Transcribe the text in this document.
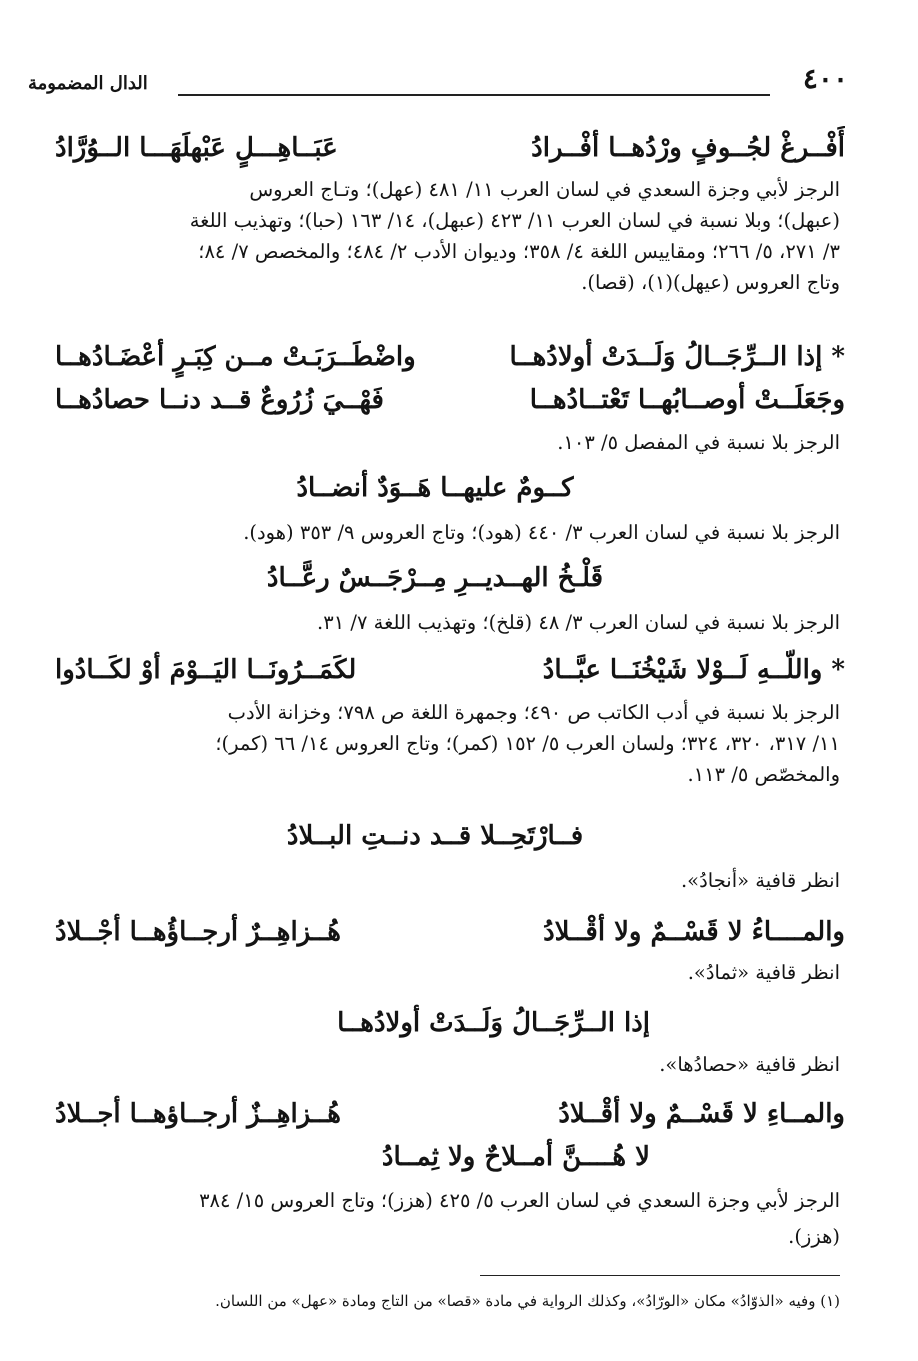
٤٠٠
الدال المضمومة
أَفْــرغْ لجُــوفٍ ورْدُهــا أفْــرادُ
عَبَــاهِـــلٍ عَبْهلَهَـــا الــوُرَّادُ

الرجز لأبي وجزة السعدي في لسان العرب ١١/ ٤٨١ (عهل)؛ وتـاج العروس

(عبهل)؛ وبلا نسبة في لسان العرب ١١/ ٤٢٣ (عبهل)، ١٤/ ١٦٣ (حبا)؛ وتهذيب اللغة

٣/ ٢٧١، ٥/ ٢٦٦؛ ومقاييس اللغة ٤/ ٣٥٨؛ وديوان الأدب ٢/ ٤٨٤؛ والمخصص ٧/ ٨٤؛

وتاج العروس (عيهل)(١)، (قصا).

* إذا الــرِّجَــالُ وَلَــدَتْ أولادُهــا
واضْطَــرَبَـتْ مــن كِبَـرٍ أعْضَـادُهــا
وجَعَلَــتْ أوصــابُهــا تَعْتــادُهــا
فَهْــيَ زُرُوعٌ قــد دنــا حصادُهــا

الرجز بلا نسبة في المفصل ٥/ ١٠٣.

كــومٌ عليهــا هَــوَدٌ أنضــادُ

الرجز بلا نسبة في لسان العرب ٣/ ٤٤٠ (هود)؛ وتاج العروس ٩/ ٣٥٣ (هود).

قَلْـخُ الهــديــرِ مِــرْجَــسٌ رعَّــادُ

الرجز بلا نسبة في لسان العرب ٣/ ٤٨ (قلخ)؛ وتهذيب اللغة ٧/ ٣١.

* واللّــهِ لَــوْلا شَيْخُنَــا عبَّــادُ
لكَمَــرُونَــا اليَــوْمَ أوْ لكَــادُوا

الرجز بلا نسبة في أدب الكاتب ص ٤٩٠؛ وجمهرة اللغة ص ٧٩٨؛ وخزانة الأدب

١١/ ٣١٧، ٣٢٠، ٣٢٤؛ ولسان العرب ٥/ ١٥٢ (كمر)؛ وتاج العروس ١٤/ ٦٦ (كمر)؛

والمخصّص ٥/ ١١٣.

فــارْتَحِــلا قــد دنــتِ البــلادُ

انظر قافية «أنجادُ».

والمــــاءُ لا قَسْــمٌ ولا أقْــلادُ
هُــزاهِــرٌ أرجــاؤُهــا أجْــلادُ

انظر قافية «ثمادُ».

إذا الــرِّجَــالُ وَلَــدَتْ أولادُهــا

انظر قافية «حصادُها».

والمــاءِ لا قَسْــمٌ ولا أقْــلادُ
هُــزاهِــزٌ أرجــاؤهــا أجــلادُ
لا هُــــنَّ أمــلاحٌ ولا ثِمــادُ

الرجز لأبي وجزة السعدي في لسان العرب ٥/ ٤٢٥ (هزز)؛ وتاج العروس ١٥/ ٣٨٤

(هزز).

(١) وفيه «الذوّادُ» مكان «الورّادُ»، وكذلك الرواية في مادة «قصا» من التاج ومادة «عهل» من اللسان.
